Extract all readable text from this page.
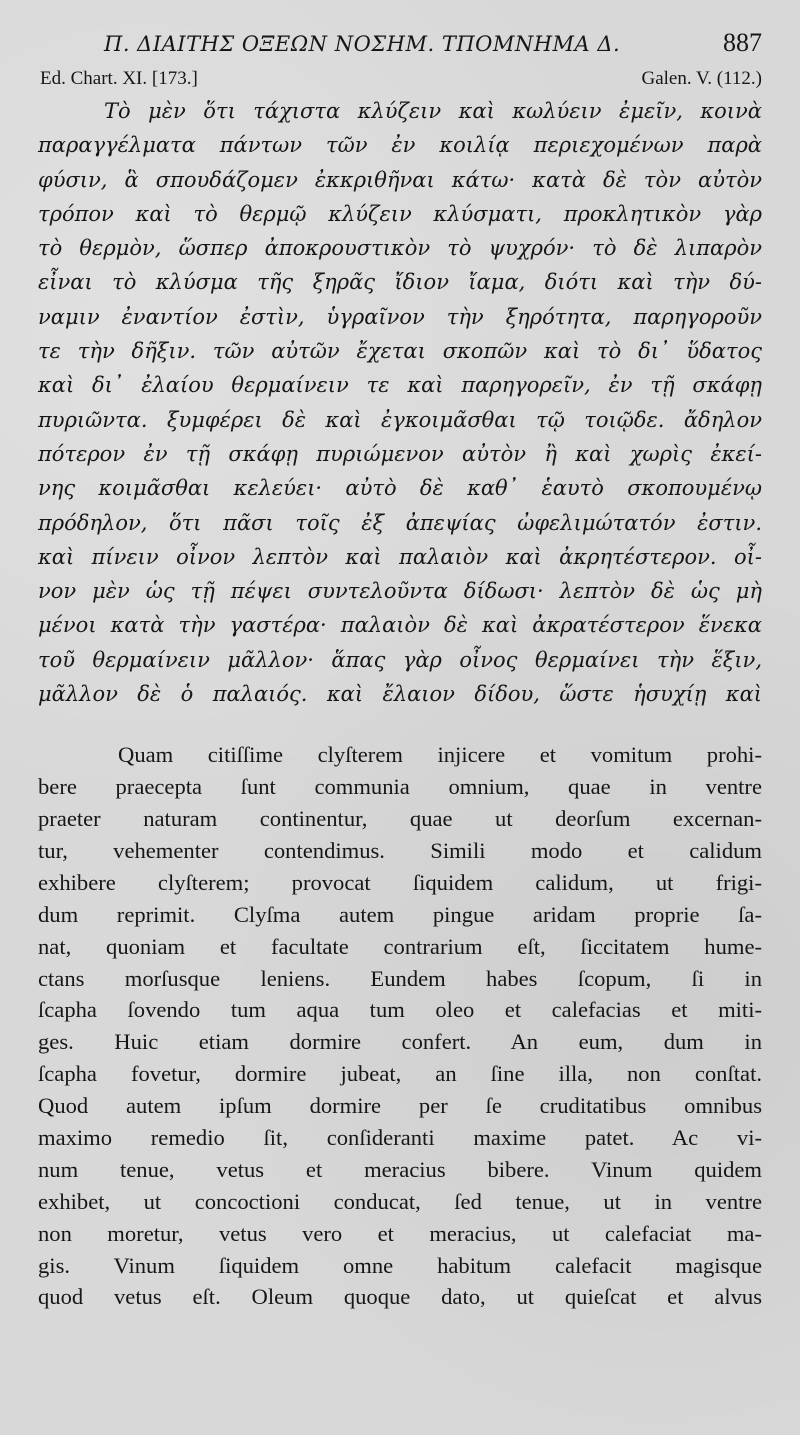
Π. ΔΙΑΙΤΗΣ ΟΞΕΩΝ ΝΟΣΗΜ. ΤΠΟΜΝΗΜΑ Δ.	887
Ed. Chart. XI. [173.]	Galen. V. (112.)
Τὸ μὲν ὅτι τάχιστα κλύζειν καὶ κωλύειν ἐμεῖν, κοινὰ
παραγγέλματα πάντων τῶν ἐν κοιλίᾳ περιεχομένων παρὰ
φύσιν, ἃ σπουδάζομεν ἐκκριθῆναι κάτω· κατὰ δὲ τὸν αὐτὸν
τρόπον καὶ τὸ θερμῷ κλύζειν κλύσματι, προκλητικὸν γὰρ
τὸ θερμὸν, ὥσπερ ἀποκρουστικὸν τὸ ψυχρόν· τὸ δὲ λιπαρὸν
εἶναι τὸ κλύσμα τῆς ξηρᾶς ἴδιον ἴαμα, διότι καὶ τὴν δύ-
ναμιν ἐναντίον ἐστὶν, ὑγραῖνον τὴν ξηρότητα, παρηγοροῦν
τε τὴν δῆξιν. τῶν αὐτῶν ἔχεται σκοπῶν καὶ τὸ δι᾽ ὕδατος
καὶ δι᾽ ἐλαίου θερμαίνειν τε καὶ παρηγορεῖν, ἐν τῇ σκάφῃ
πυριῶντα. ξυμφέρει δὲ καὶ ἐγκοιμᾶσθαι τῷ τοιῷδε. ἄδηλον
πότερον ἐν τῇ σκάφῃ πυριώμενον αὐτὸν ἢ καὶ χωρὶς ἐκεί-
νης κοιμᾶσθαι κελεύει· αὐτὸ δὲ καθ᾽ ἑαυτὸ σκοπουμένῳ
πρόδηλον, ὅτι πᾶσι τοῖς ἐξ ἀπεψίας ὠφελιμώτατόν ἐστιν.
καὶ πίνειν οἶνον λεπτὸν καὶ παλαιὸν καὶ ἀκρητέστερον. οἶ-
νον μὲν ὡς τῇ πέψει συντελοῦντα δίδωσι· λεπτὸν δὲ ὡς μὴ
μένοι κατὰ τὴν γαστέρα· παλαιὸν δὲ καὶ ἀκρατέστερον ἕνεκα
τοῦ θερμαίνειν μᾶλλον· ἅπας γὰρ οἶνος θερμαίνει τὴν ἕξιν,
μᾶλλον δὲ ὁ παλαιός. καὶ ἔλαιον δίδου, ὥστε ἡσυχίῃ καὶ
Quam citiſſime clyſterem injicere et vomitum prohi-
bere praecepta ſunt communia omnium, quae in ventre
praeter naturam continentur, quae ut deorſum excernan-
tur, vehementer contendimus. Simili modo et calidum
exhibere clyſterem; provocat ſiquidem calidum, ut frigi-
dum reprimit. Clyſma autem pingue aridam proprie ſa-
nat, quoniam et facultate contrarium eſt, ſiccitatem hume-
ctans morſusque leniens. Eundem habes ſcopum, ſi in
ſcapha ſovendo tum aqua tum oleo et calefacias et miti-
ges. Huic etiam dormire confert. An eum, dum in
ſcapha fovetur, dormire jubeat, an ſine illa, non conſtat.
Quod autem ipſum dormire per ſe cruditatibus omnibus
maximo remedio ſit, conſideranti maxime patet. Ac vi-
num tenue, vetus et meracius bibere. Vinum quidem
exhibet, ut concoctioni conducat, ſed tenue, ut in ventre
non moretur, vetus vero et meracius, ut calefaciat ma-
gis. Vinum ſiquidem omne habitum calefacit magisque
quod vetus eſt. Oleum quoque dato, ut quieſcat et alvus
